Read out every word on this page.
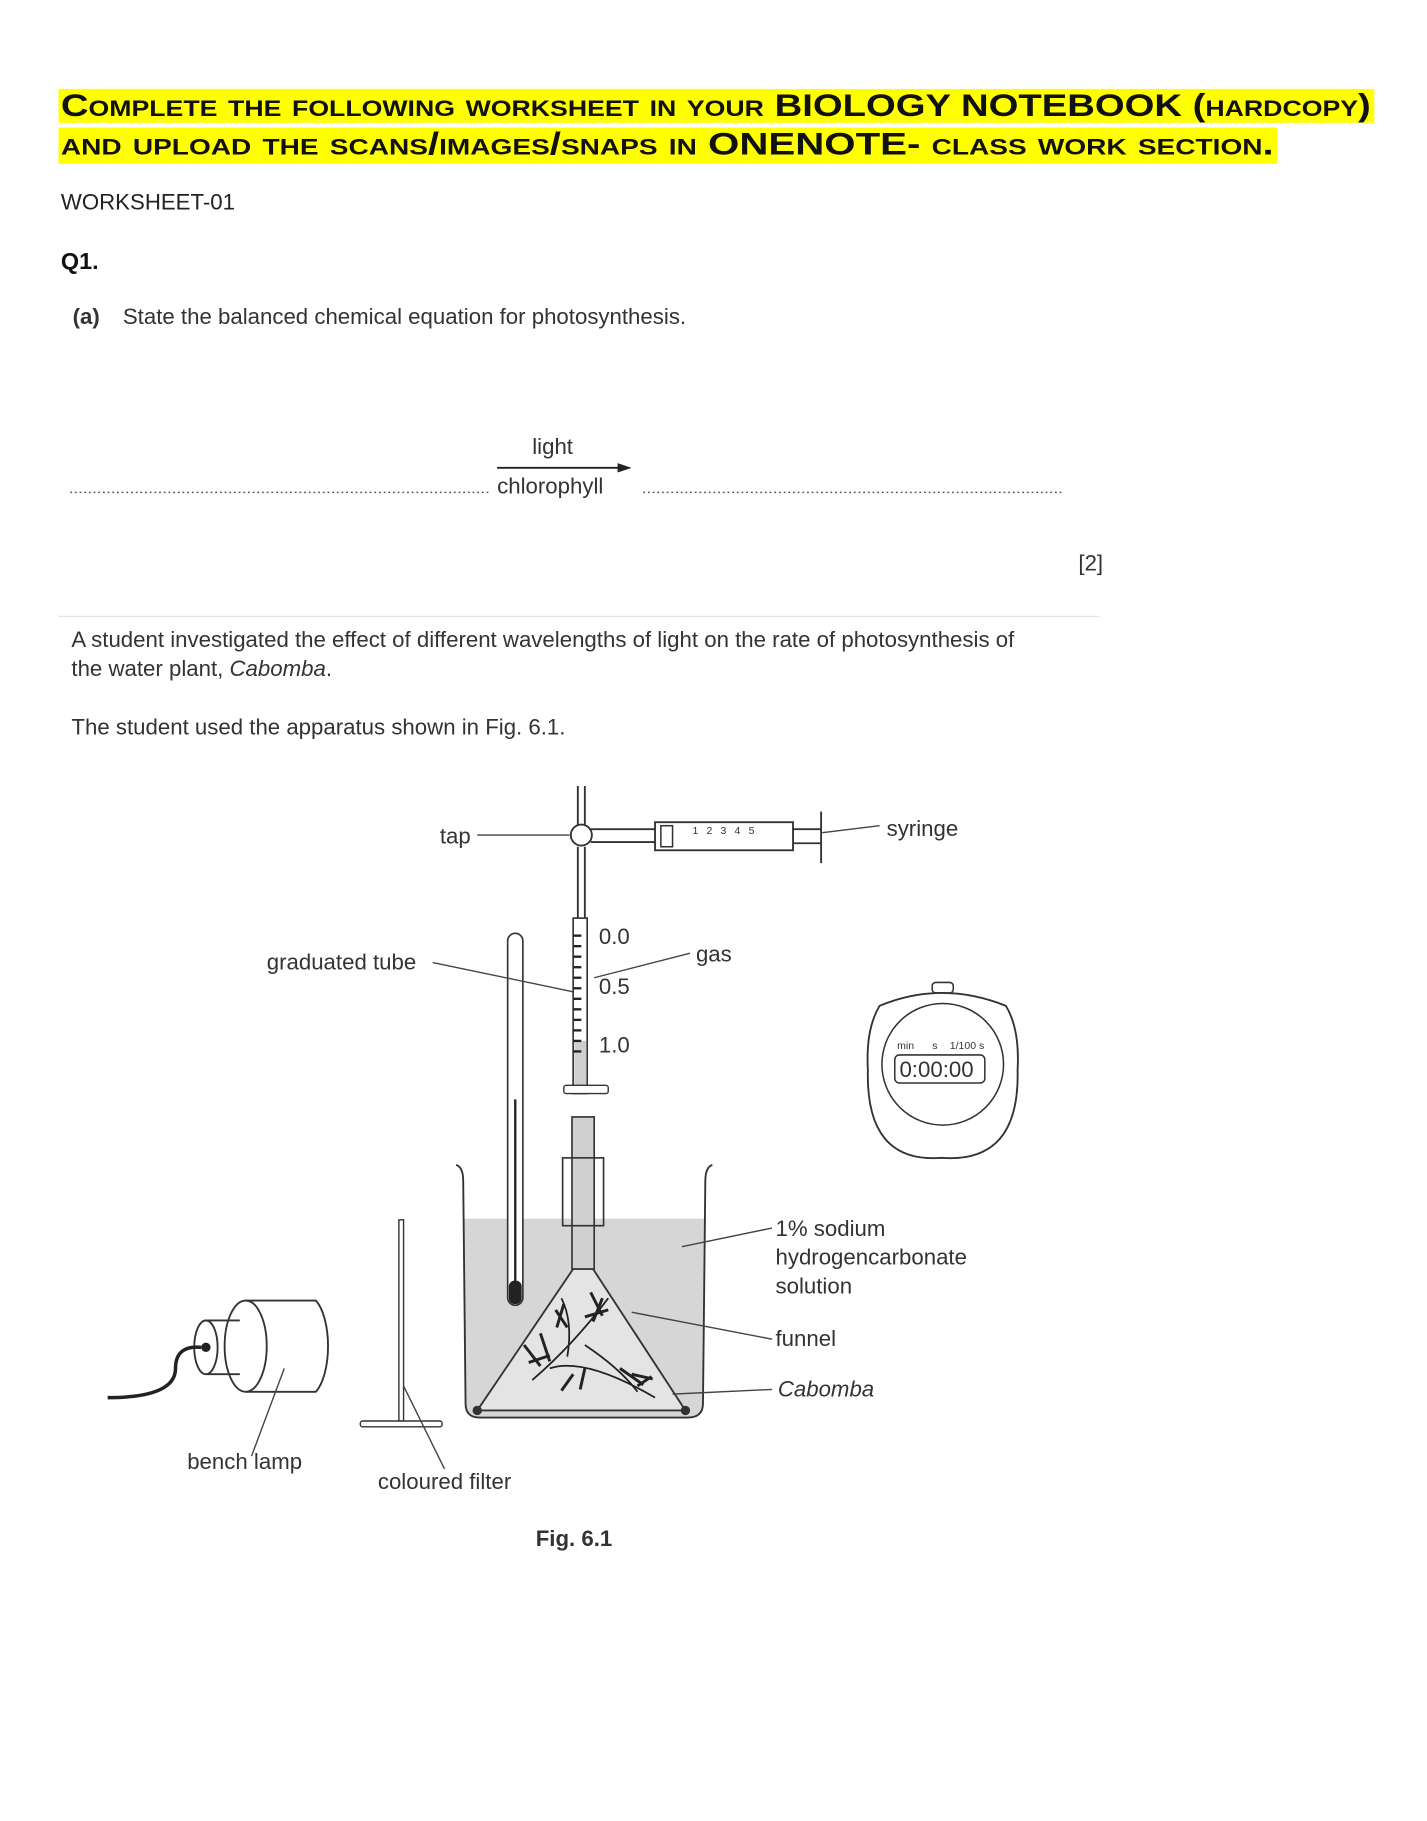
Complete the following worksheet in your BIOLOGY NOTEBOOK (hardcopy)
and upload the scans/images/snaps in ONENOTE- class work section.
WORKSHEET-01
Q1.
(a) State the balanced chemical equation for photosynthesis.
light
chlorophyll
[2]
A student investigated the effect of different wavelengths of light on the rate of photosynthesis of
the water plant, Cabomba.
The student used the apparatus shown in Fig. 6.1.
1 2 3 4 5
min s 1/100 s
0:00:00
tap	syringe
graduated tube	gas
0.0
0.5
1.0
1% sodium
hydrogencarbonate
solution
funnel
Cabomba
bench lamp
coloured filter
Fig. 6.1
